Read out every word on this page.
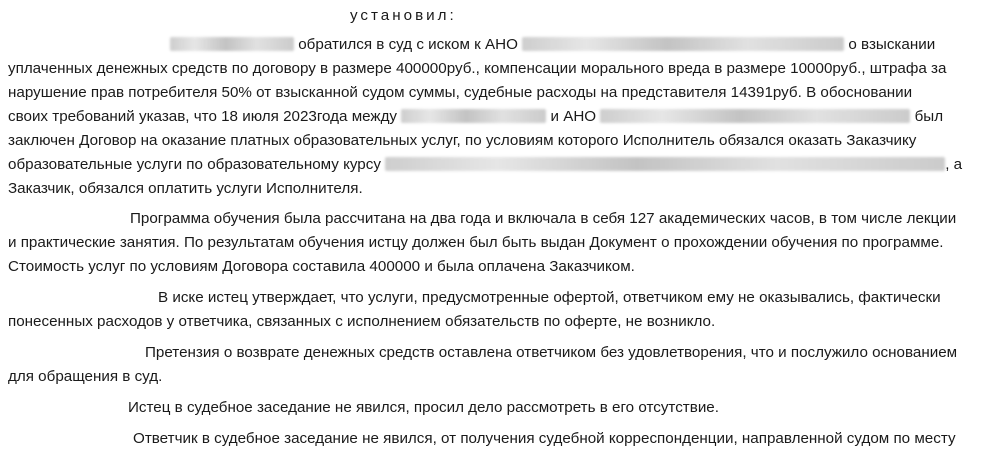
установил:
обратился в суд с иском к АНО	о взыскании
уплаченных денежных средств по договору в размере 400000руб., компенсации морального вреда в размере 10000руб., штрафа за
нарушение прав потребителя 50% от взысканной судом суммы, судебные расходы на представителя 14391руб. В обосновании
своих требований указав, что 18 июля 2023года между	и АНО	был
заключен Договор на оказание платных образовательных услуг, по условиям которого Исполнитель обязался оказать Заказчику
образовательные услуги по образовательному курсу	, а
Заказчик, обязался оплатить услуги Исполнителя.
Программа обучения была рассчитана на два года и включала в себя 127 академических часов, в том числе лекции
и практические занятия. По результатам обучения истцу должен был быть выдан Документ о прохождении обучения по программе.
Стоимость услуг по условиям Договора составила 400000 и была оплачена Заказчиком.
В иске истец утверждает, что услуги, предусмотренные офертой, ответчиком ему не оказывались, фактически
понесенных расходов у ответчика, связанных с исполнением обязательств по оферте, не возникло.
Претензия о возврате денежных средств оставлена ответчиком без удовлетворения, что и послужило основанием
для обращения в суд.
Истец в судебное заседание не явился, просил дело рассмотреть в его отсутствие.
Ответчик в судебное заседание не явился, от получения судебной корреспонденции, направленной судом по месту
